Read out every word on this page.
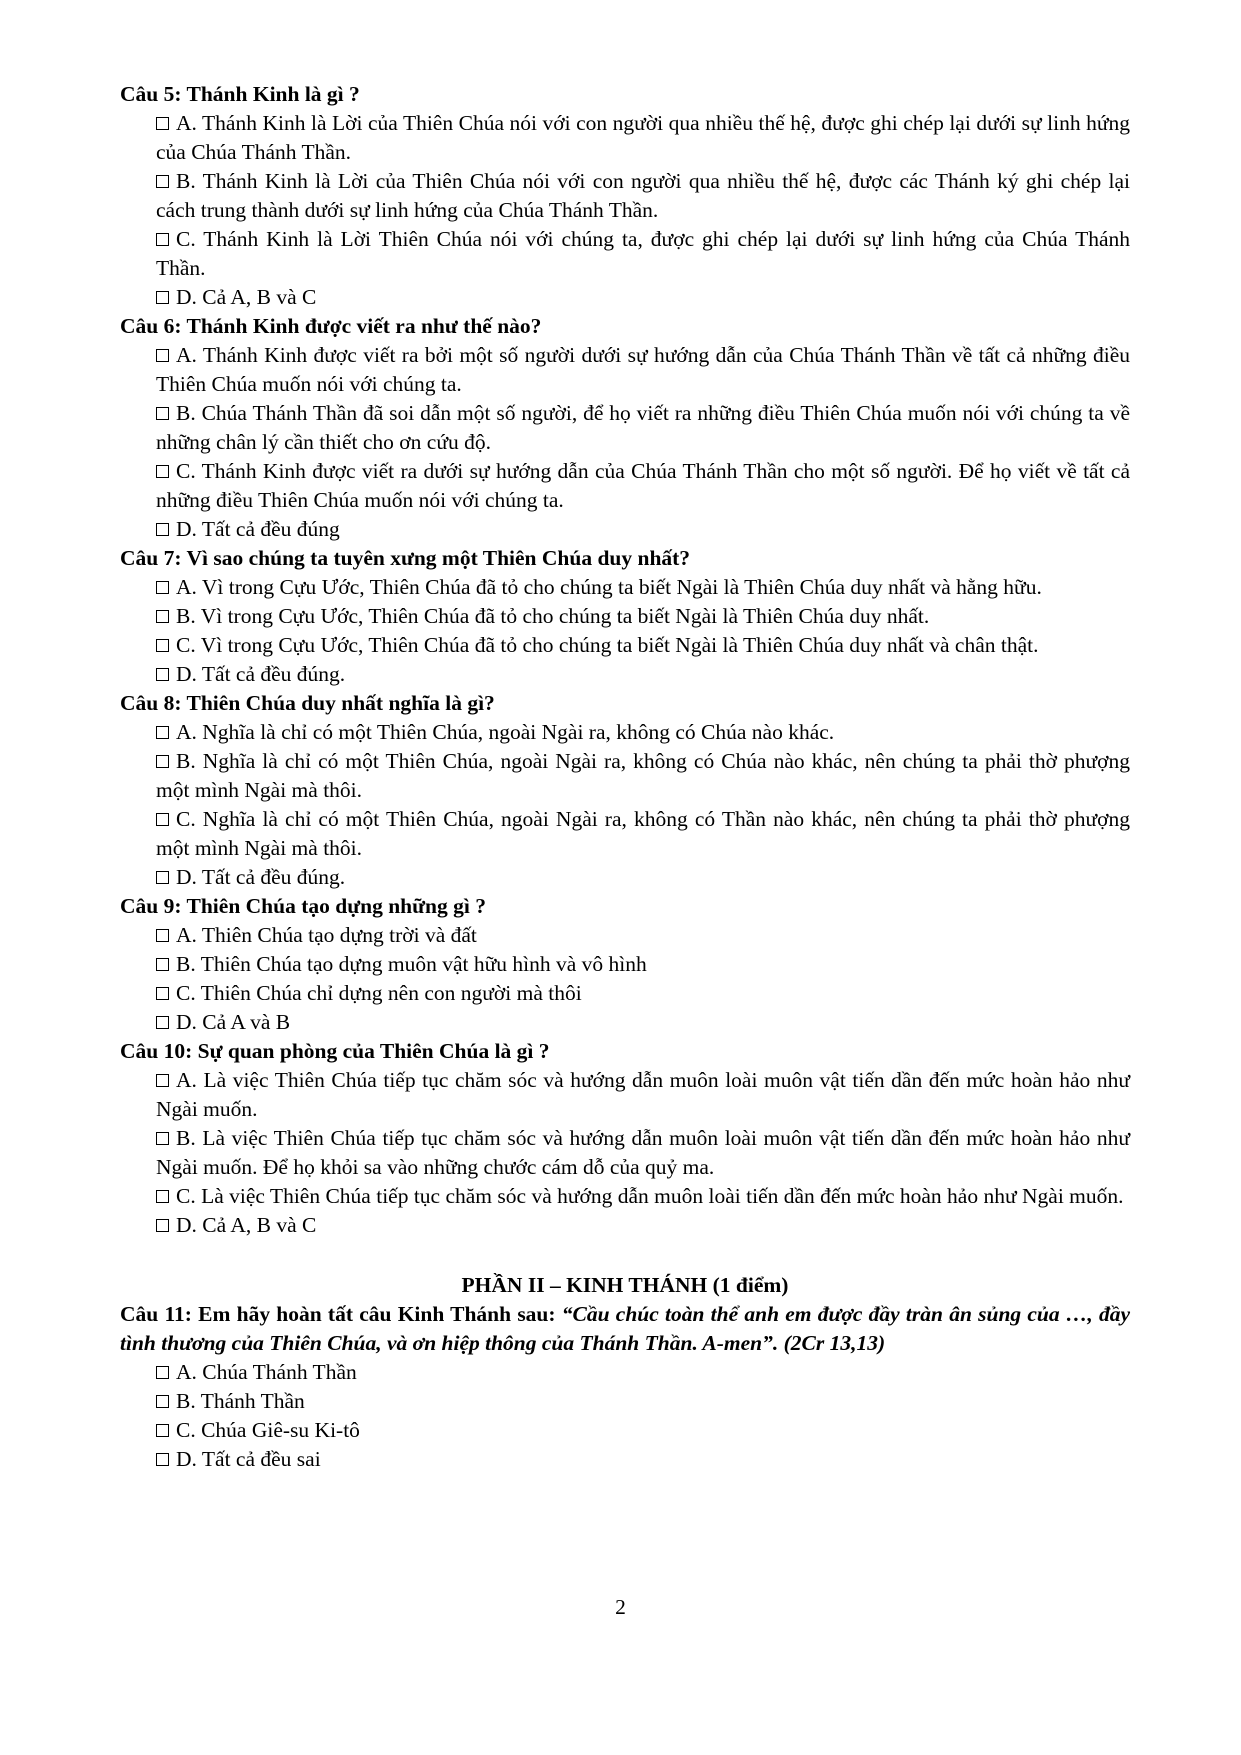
Câu 5: Thánh Kinh là gì ?

A. Thánh Kinh là Lời của Thiên Chúa nói với con người qua nhiều thế hệ, được ghi chép lại dưới sự linh hứng của Chúa Thánh Thần.

B. Thánh Kinh là Lời của Thiên Chúa nói với con người qua nhiều thế hệ, được các Thánh ký ghi chép lại cách trung thành dưới sự linh hứng của Chúa Thánh Thần.

C. Thánh Kinh là Lời Thiên Chúa nói với chúng ta, được ghi chép lại dưới sự linh hứng của Chúa Thánh Thần.

D. Cả A, B và C

Câu 6: Thánh Kinh được viết ra như thế nào?

A. Thánh Kinh được viết ra bởi một số người dưới sự hướng dẫn của Chúa Thánh Thần về tất cả những điều Thiên Chúa muốn nói với chúng ta.

B. Chúa Thánh Thần đã soi dẫn một số người, để họ viết ra những điều Thiên Chúa muốn nói với chúng ta về những chân lý cần thiết cho ơn cứu độ.

C. Thánh Kinh được viết ra dưới sự hướng dẫn của Chúa Thánh Thần cho một số người. Để họ viết về tất cả những điều Thiên Chúa muốn nói với chúng ta.

D. Tất cả đều đúng

Câu 7: Vì sao chúng ta tuyên xưng một Thiên Chúa duy nhất?

A. Vì trong Cựu Ước, Thiên Chúa đã tỏ cho chúng ta biết Ngài là Thiên Chúa duy nhất và hằng hữu.

B. Vì trong Cựu Ước, Thiên Chúa đã tỏ cho chúng ta biết Ngài là Thiên Chúa duy nhất.

C. Vì trong Cựu Ước, Thiên Chúa đã tỏ cho chúng ta biết Ngài là Thiên Chúa duy nhất và chân thật.

D. Tất cả đều đúng.

Câu 8: Thiên Chúa duy nhất nghĩa là gì?

A. Nghĩa là chỉ có một Thiên Chúa, ngoài Ngài ra, không có Chúa nào khác.

B. Nghĩa là chỉ có một Thiên Chúa, ngoài Ngài ra, không có Chúa nào khác, nên chúng ta phải thờ phượng một mình Ngài mà thôi.

C. Nghĩa là chỉ có một Thiên Chúa, ngoài Ngài ra, không có Thần nào khác, nên chúng ta phải thờ phượng một mình Ngài mà thôi.

D. Tất cả đều đúng.

Câu 9: Thiên Chúa tạo dựng những gì ?

A. Thiên Chúa tạo dựng trời và đất

B. Thiên Chúa tạo dựng muôn vật hữu hình và vô hình

C. Thiên Chúa chỉ dựng nên con người mà thôi

D. Cả A và B

Câu 10: Sự quan phòng của Thiên Chúa là gì ?

A. Là việc Thiên Chúa tiếp tục chăm sóc và hướng dẫn muôn loài muôn vật tiến dần đến mức hoàn hảo như Ngài muốn.

B. Là việc Thiên Chúa tiếp tục chăm sóc và hướng dẫn muôn loài muôn vật tiến dần đến mức hoàn hảo như Ngài muốn. Để họ khỏi sa vào những chước cám dỗ của quỷ ma.

C. Là việc Thiên Chúa tiếp tục chăm sóc và hướng dẫn muôn loài tiến dần đến mức hoàn hảo như Ngài muốn.

D. Cả A, B và C

PHẦN II – KINH THÁNH (1 điểm)

Câu 11: Em hãy hoàn tất câu Kinh Thánh sau: “Cầu chúc toàn thể anh em được đầy tràn ân sủng của …, đầy tình thương của Thiên Chúa, và ơn hiệp thông của Thánh Thần. A-men”. (2Cr 13,13)

A. Chúa Thánh Thần

B. Thánh Thần

C. Chúa Giê-su Ki-tô

D. Tất cả đều sai

2
